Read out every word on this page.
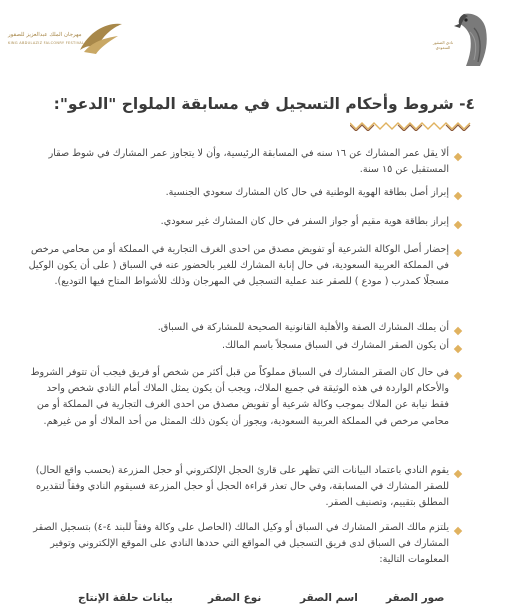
مهرجان الملك عبدالعزيز للصقور
KING ABDULAZIZ FALCONRY FESTIVAL	نادي الصقور السعودي
٤- شروط وأحكام التسجيل في مسابقة الملواح "الدعو":
ألا يقل عمر المشارك عن ١٦ سنه في المسابقة الرئيسية، وأن لا يتجاوز عمر المشارك في شوط صقار المستقبل عن ١٥ سنة.
إبراز أصل بطاقة الهوية الوطنية في حال كان المشارك سعودي الجنسية.
إبراز بطاقة هوية مقيم أو جواز السفر في حال كان المشارك غير سعودي.
إحضار أصل الوكالة الشرعية أو تفويض مصدق من احدى الغرف التجارية في المملكة أو من محامي مرخص في المملكة العربية السعودية، في حال إنابة المشارك للغير بالحضور عنه في السباق ( على أن يكون الوكيل مسجلًا كمدرب ( مودع ) للصقر عند عملية التسجيل في المهرجان وذلك للأشواط المتاح فيها التوديع).
أن يملك المشارك الصفة والأهلية القانونية الصحيحة للمشاركة في السباق.
أن يكون الصقر المشارك في السباق مسجلاً باسم المالك.
في حال كان الصقر المشارك في السباق مملوكاً من قبل أكثر من شخص أو فريق فيجب أن تتوفر الشروط والأحكام الواردة في هذه الوثيقة في جميع الملاك، ويجب أن يكون يمثل الملاك أمام النادي شخص واحد فقط نيابة عن الملاك بموجب وكالة شرعية أو تفويض مصدق من احدى الغرف التجارية في المملكة أو من محامي مرخص في المملكة العربية السعودية، ويجوز أن يكون ذلك الممثل من أحد الملاك أو من غيرهم.
يقوم النادي باعتماد البيانات التي تظهر على قارئ الحجل الإلكتروني أو حجل المزرعة (بحسب واقع الحال) للصقر المشارك في المسابقة، وفي حال تعذر قراءة الحجل أو حجل المزرعة فسيقوم النادي وفقاً لتقديره المطلق بتقييم، وتصنيف الصقر.
يلتزم مالك الصقر المشارك في السباق أو وكيل المالك (الحاصل على وكالة وفقاً للبند ٤-٤) بتسجيل الصقر المشارك في السباق لدى فريق التسجيل في المواقع التي حددها النادي على الموقع الإلكتروني وتوفير المعلومات التالية:
صور الصقر
اسم الصقر
نوع الصقر
بيانات حلقة الإنتاج
